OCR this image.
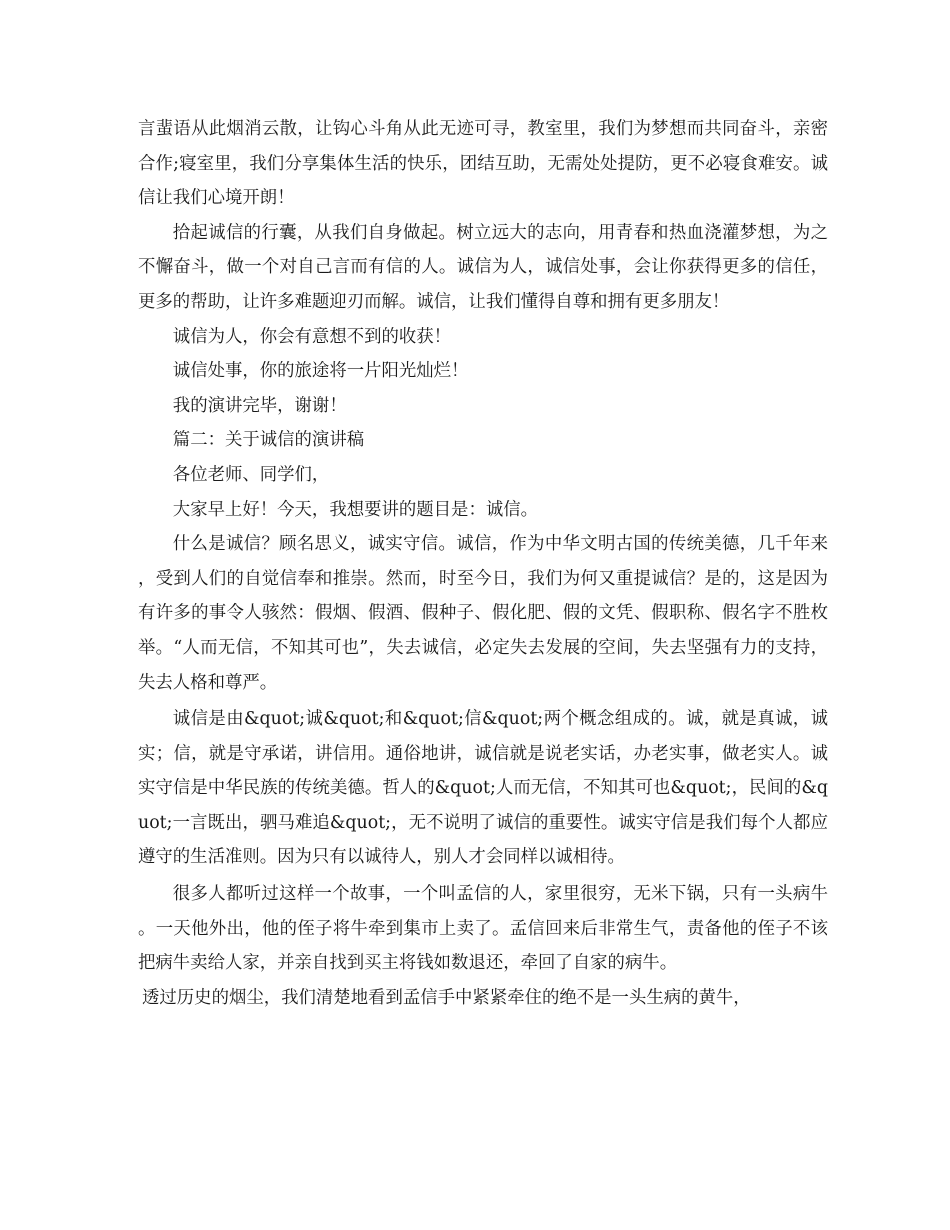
言蜚语从此烟消云散，让钩心斗角从此无迹可寻，教室里，我们为梦想而共同奋斗，亲密合作;寝室里，我们分享集体生活的快乐，团结互助，无需处处提防，更不必寝食难安。诚信让我们心境开朗！

拾起诚信的行囊，从我们自身做起。树立远大的志向，用青春和热血浇灌梦想，为之不懈奋斗，做一个对自己言而有信的人。诚信为人，诚信处事，会让你获得更多的信任，更多的帮助，让许多难题迎刃而解。诚信，让我们懂得自尊和拥有更多朋友！

诚信为人，你会有意想不到的收获！

诚信处事，你的旅途将一片阳光灿烂！

我的演讲完毕，谢谢！

篇二：关于诚信的演讲稿

各位老师、同学们，

大家早上好！今天，我想要讲的题目是：诚信。

什么是诚信？顾名思义，诚实守信。诚信，作为中华文明古国的传统美德，几千年来，受到人们的自觉信奉和推崇。然而，时至今日，我们为何又重提诚信？是的，这是因为有许多的事令人骇然：假烟、假酒、假种子、假化肥、假的文凭、假职称、假名字不胜枚举。“人而无信，不知其可也”，失去诚信，必定失去发展的空间，失去坚强有力的支持，失去人格和尊严。

诚信是由&quot;诚&quot;和&quot;信&quot;两个概念组成的。诚，就是真诚，诚实；信，就是守承诺，讲信用。通俗地讲，诚信就是说老实话，办老实事，做老实人。诚实守信是中华民族的传统美德。哲人的&quot;人而无信，不知其可也&quot;，民间的&quot;一言既出，驷马难追&quot;，无不说明了诚信的重要性。诚实守信是我们每个人都应遵守的生活准则。因为只有以诚待人，别人才会同样以诚相待。

很多人都听过这样一个故事，一个叫孟信的人，家里很穷，无米下锅，只有一头病牛。一天他外出，他的侄子将牛牵到集市上卖了。孟信回来后非常生气，责备他的侄子不该把病牛卖给人家，并亲自找到买主将钱如数退还，牵回了自家的病牛。

透过历史的烟尘，我们清楚地看到孟信手中紧紧牵住的绝不是一头生病的黄牛，
